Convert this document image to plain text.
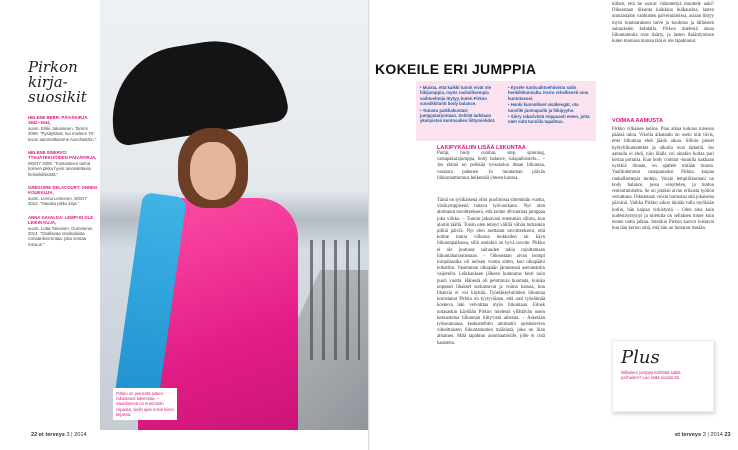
Pirkon
kirja-
suosikit
HELENE BERR: PÄIVÄKIRJA 1942–1944,
suom. Erkki Jukarainen, Tammi 2009. "Pysäyttävä, tuo mieleen 70-luvun automatkamme Auschwitziin."
HELENE SINERVO: TYHJÄTEKIJÖIDEN PÄIVÄKIRJA,
WSOY 2009. "Fantastinen tarina kolmen pikku hyvin tunnistettavia helsinkiläisistä."
GRÉGOIRE DELACOURT: ONNEN KOUKKUJA,
suom. Leena Leinonen, WSOY 2012. "Hauska pikku kirja."
ANNA GAVALDA: LEMPI EI OLE LEIKIN KUJA,
suom. Lotta Toivanen, Gummerus 2014. "Osallavaa ranskalaista romaanikerrontaa, joka vetoaa minuun."
Pirkko on pienestä pitäen rakastanut lukemista. – Sadekeinnä on enemmän vapaata, vielin ajan ensin kiinni kirjassa.
22 et terveys 3 | 2014
KOKEILE ERI JUMPPIA
• Muista, että kaikki tunnit eivät ole hikijumppia, myös rauhallisempia vaihtoehtoja löytyy, kuten Pirkon suosikkitunti body balance.
• Tutustu paikkakuntasi jumppatarjontaan. Selvitä tarkkaan yksityisten kuntosalien liittymiehdot.
• Kysele tuntivaihtoehdoista salin henkilökunnalta. Kerro rehellisesti oma kuntotasosi.
• Hanki kunnolliset sisäkengät, ota tunnille juomapullo ja hikipyyhe.
• Siirry takarivistä reippaasti eteen, jotta näet mitä tunnilla tapahtuu.
LAKIPYKÄLIIN LISÄÄ LIIKUNTAA

Pump, body combat, step, spinning, vatsapakarajumppa, body balance, sulapalloistelu... – Jos elämä on pelkkää työssäoloa ilman liikuntaa, vaarasta pahenee. Jo muutaman päivän liikkumattomuus heikentää yhteen kuntoa.

Tämä on työikäisenä ollut puolitoista sittemmän vuotta, viisikymppisenä taitava työvuoikana. Nyt olen aloittanut tavoitteekseni, että kolme 40-tuntista jumppaa joka viikko. – Tunnin jaksavani enemmän silloin, kun aloitin täällä. Toisin olen tehnyt välillä vähän turhankin pitkiä päiviä. Nyt olen asettanut tavoitteekseni, että kolme tuntia viikossa lenkkeilen tai käyn liikuntapaikassa, sillä useinkin on hyvä tavoite. Pirkko ei ole joutunut sairauden takia rajoittamaan liikuntaharrastustaan. – Oikeastaan aivan isompi toiopilasaika oli nelisen vuotta sitten, kun olkapääni leikattiin. Vasemman olkapään jännesessä asenneattiin vaijerella. Leikkauksen jälkeen kuntoutus kesti noin puoli vuotta. Hänestä oli pelottavaa huomata, kuinka nopeasti lihakset surkastuvat ja voima katoaa, kun lihaksia ei voi käyttää. Työeläkeyhtiöiden liikuntaa korostanut Pirkko on tyytyväinen, että uusi työelämää koskeva laki velvoittaa myös liikuntaan. Edusk untasaskin käydään Pirkon mielestä yllättävän usein keskustelua liikunnan liittyvistä aiheista. – Asketään työsuunnassa keskustelhtin ammattin opiskelevien vitkeittaisten liikuntatuntien määrästä, joka on liian alhainen. Mitä tapahtuu automaattisille, jolle ei riitä haasteita.

niihen, että he saavat väänmettyä muuttele auki? Oikeastaan liikunta kaikkina ikäkausina, lasten unmaistalon vanhusten palvelutaloissa, asiaan liittyy myös kuntoutuksen tarve ja koulutus ja tällaisten sairauksien kohdalla. Pirkon mielestä ainoa liikuntatuntia ovat lisätty, ja lasten lisääntymisen kuten monissa maissa tätä ei ole tapahtunut.

VOIMAA AAMUSTA

Pirkko vilkaisee kelloa. Pian alkaa kokous toisessa päässä taloa. Vikolla aikataulu on usein niin tiivis, ettei liikuntaa ehdi jäädä aikaa. Silloin pienet hyötyliikuntaretket ja ulkoilu ovat tärkeitä. Jos aamulla ei ehdi, niin illalla voi ainakin hoitaa pari kertaa portaita. Kun body combat -tunnilla hakkaan nyrkkiä ilmaan, en ajattele mitään muuta. Vaalitulemmat vastapainoksi Pirkko kaipaa rauhallisempia tunteja. Voisin lempiliikuntani on body balance, jossa venyttelen, ja tuntuu rentoutumiselta. Se on jotakin aivan erilaista työhön verrattuna. Oikeastaan voisin harrastaa sitä jokaisena päivänä. Vaikka Pirkko aikoo tänään tulla myöhään kotiin, hän kaipaa virkistystä. – Olen aina kuin uudestisyntynyt ja mieluita on sellainen tunne kuin ennen uutta jalkaa. Jotenkin Pirkon kasvot loistavat kun hän kertoo siitä, että hän on hoitanut itseään.

Plus
Millainen jumppa kehittää salliä parhaiten? Lue lisää sivulta 82.
et terveys 3 | 2014 23
